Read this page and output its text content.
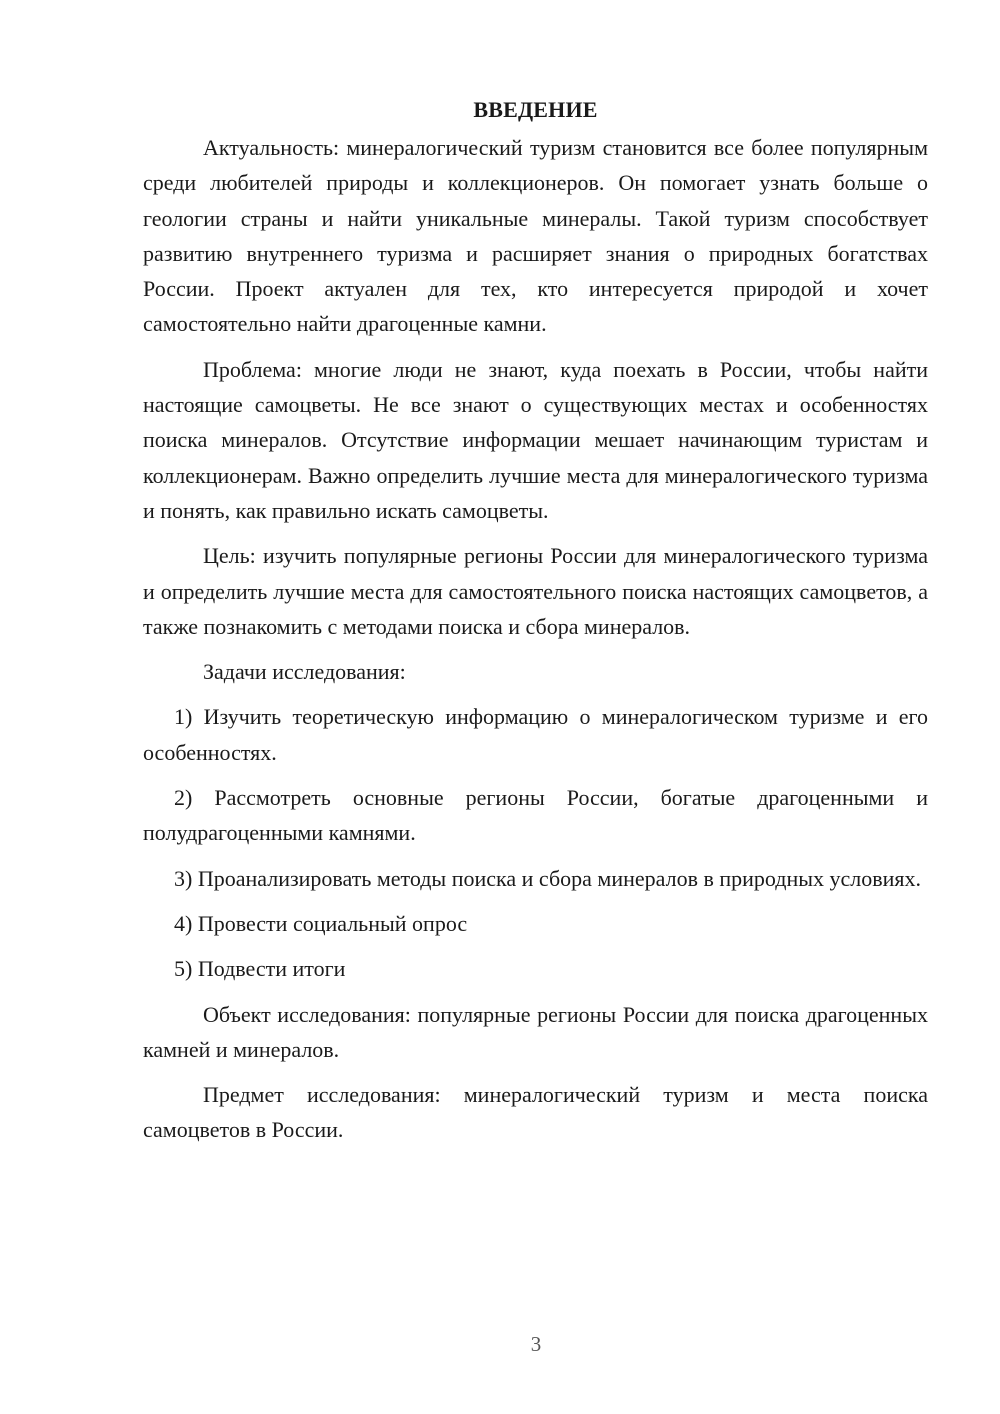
ВВЕДЕНИЕ

Актуальность: минералогический туризм становится все более популярным среди любителей природы и коллекционеров. Он помогает узнать больше о геологии страны и найти уникальные минералы. Такой туризм способствует развитию внутреннего туризма и расширяет знания о природных богатствах России. Проект актуален для тех, кто интересуется природой и хочет самостоятельно найти драгоценные камни.

Проблема: многие люди не знают, куда поехать в России, чтобы найти настоящие самоцветы. Не все знают о существующих местах и особенностях поиска минералов. Отсутствие информации мешает начинающим туристам и коллекционерам. Важно определить лучшие места для минералогического туризма и понять, как правильно искать самоцветы.

Цель: изучить популярные регионы России для минералогического туризма и определить лучшие места для самостоятельного поиска настоящих самоцветов, а также познакомить с методами поиска и сбора минералов.

Задачи исследования:

1) Изучить теоретическую информацию о минералогическом туризме и его особенностях.

2) Рассмотреть основные регионы России, богатые драгоценными и полудрагоценными камнями.

3) Проанализировать методы поиска и сбора минералов в природных условиях.

4) Провести социальный опрос

5) Подвести итоги

Объект исследования: популярные регионы России для поиска драгоценных камней и минералов.

Предмет исследования: минералогический туризм и места поиска самоцветов в России.

3
